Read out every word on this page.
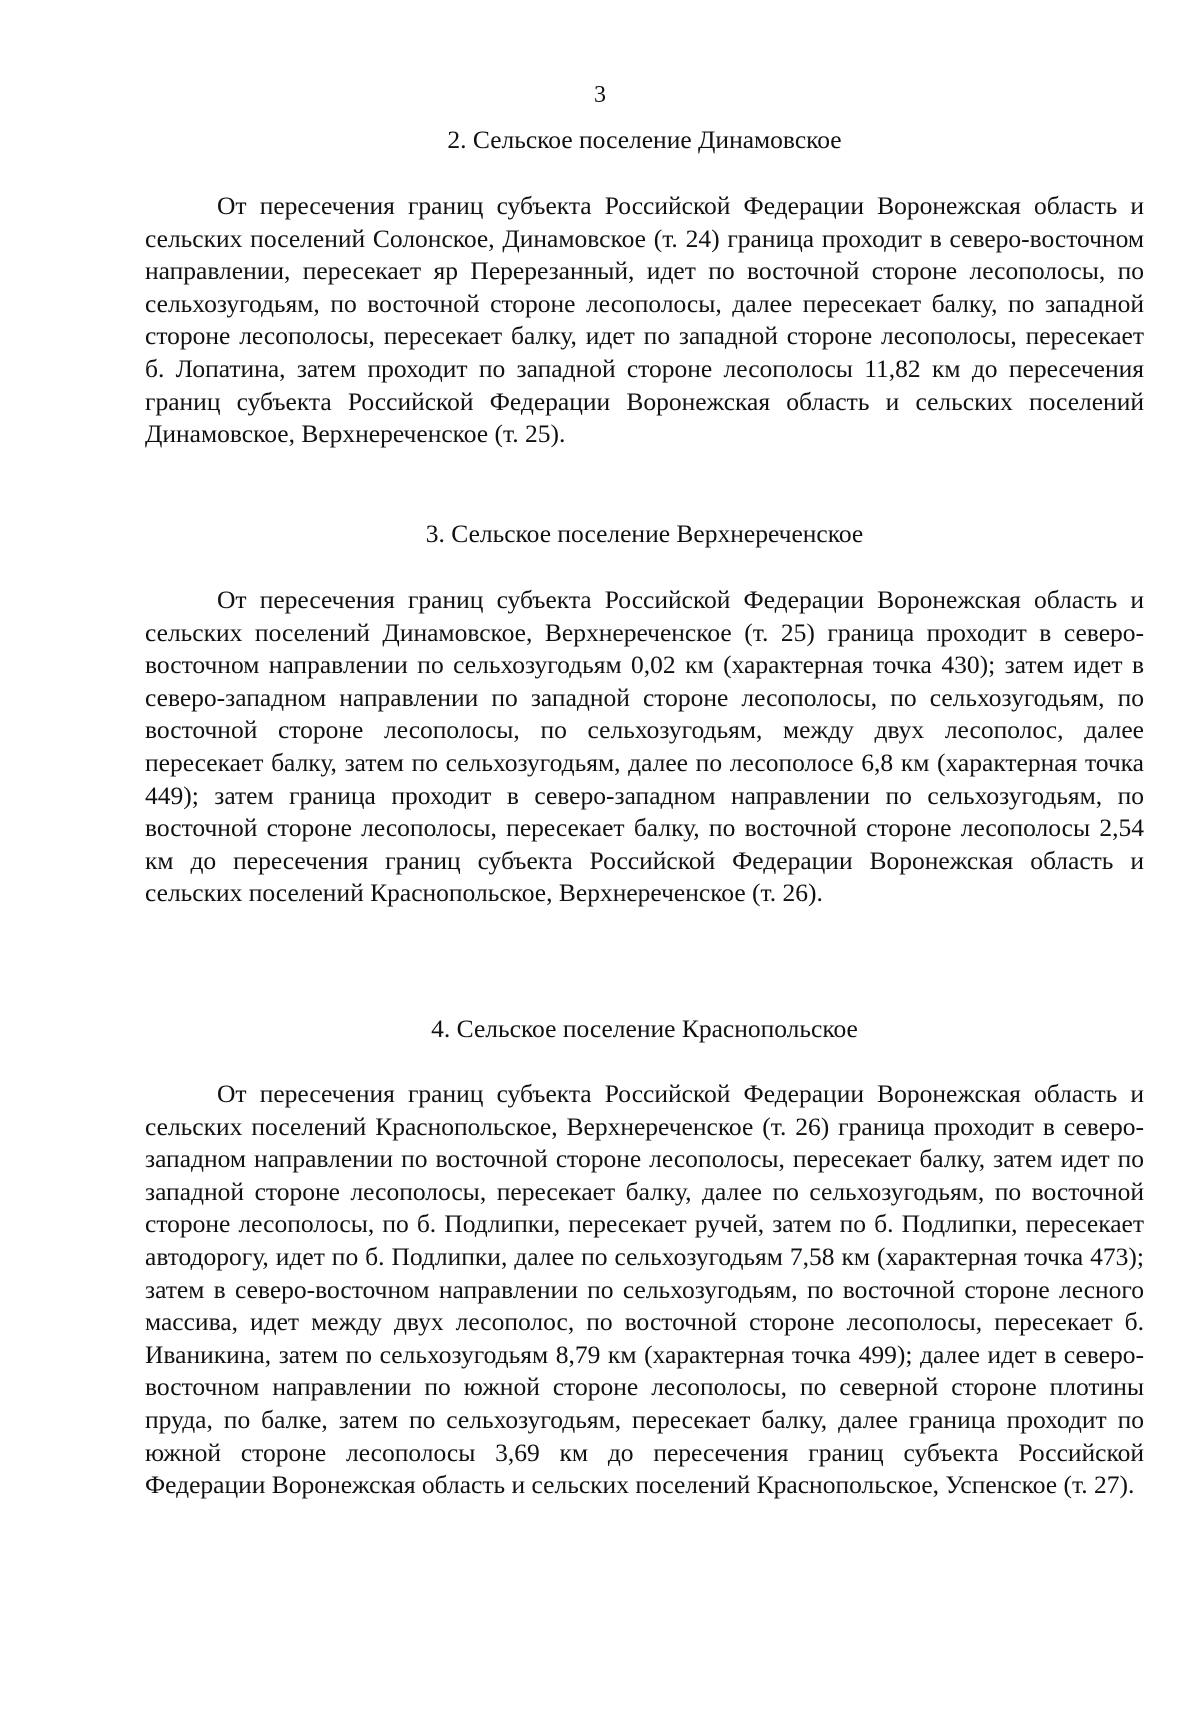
3
2. Сельское поселение Динамовское

От пересечения границ субъекта Российской Федерации Воронежская область и сельских поселений Солонское, Динамовское (т. 24) граница проходит в северо-восточном направлении, пересекает яр Перерезанный, идет по восточной стороне лесополосы, по сельхозугодьям, по восточной стороне лесополосы, далее пересекает балку, по западной стороне лесополосы, пересекает балку, идет по западной стороне лесополосы, пересекает б. Лопатина, затем проходит по западной стороне лесополосы 11,82 км до пересечения границ субъекта Российской Федерации Воронежская область и сельских поселений Динамовское, Верхнереченское (т. 25).

3. Сельское поселение Верхнереченское

От пересечения границ субъекта Российской Федерации Воронежская область и сельских поселений Динамовское, Верхнереченское (т. 25) граница проходит в северо-восточном направлении по сельхозугодьям 0,02 км (характерная точка 430); затем идет в северо-западном направлении по западной стороне лесополосы, по сельхозугодьям, по восточной стороне лесополосы, по сельхозугодьям, между двух лесополос, далее пересекает балку, затем по сельхозугодьям, далее по лесополосе 6,8 км (характерная точка 449); затем граница проходит в северо-западном направлении по сельхозугодьям, по восточной стороне лесополосы, пересекает балку, по восточной стороне лесополосы 2,54 км до пересечения границ субъекта Российской Федерации Воронежская область и сельских поселений Краснопольское, Верхнереченское (т. 26).

4. Сельское поселение Краснопольское

От пересечения границ субъекта Российской Федерации Воронежская область и сельских поселений Краснопольское, Верхнереченское (т. 26) граница проходит в северо-западном направлении по восточной стороне лесополосы, пересекает балку, затем идет по западной стороне лесополосы, пересекает балку, далее по сельхозугодьям, по восточной стороне лесополосы, по б. Подлипки, пересекает ручей, затем по б. Подлипки, пересекает автодорогу, идет по б. Подлипки, далее по сельхозугодьям 7,58 км (характерная точка 473); затем в северо-восточном направлении по сельхозугодьям, по восточной стороне лесного массива, идет между двух лесополос, по восточной стороне лесополосы, пересекает б. Иваникина, затем по сельхозугодьям 8,79 км (характерная точка 499); далее идет в северо-восточном направлении по южной стороне лесополосы, по северной стороне плотины пруда, по балке, затем по сельхозугодьям, пересекает балку, далее граница проходит по южной стороне лесополосы 3,69 км до пересечения границ субъекта Российской Федерации Воронежская область и сельских поселений Краснопольское, Успенское (т. 27).
